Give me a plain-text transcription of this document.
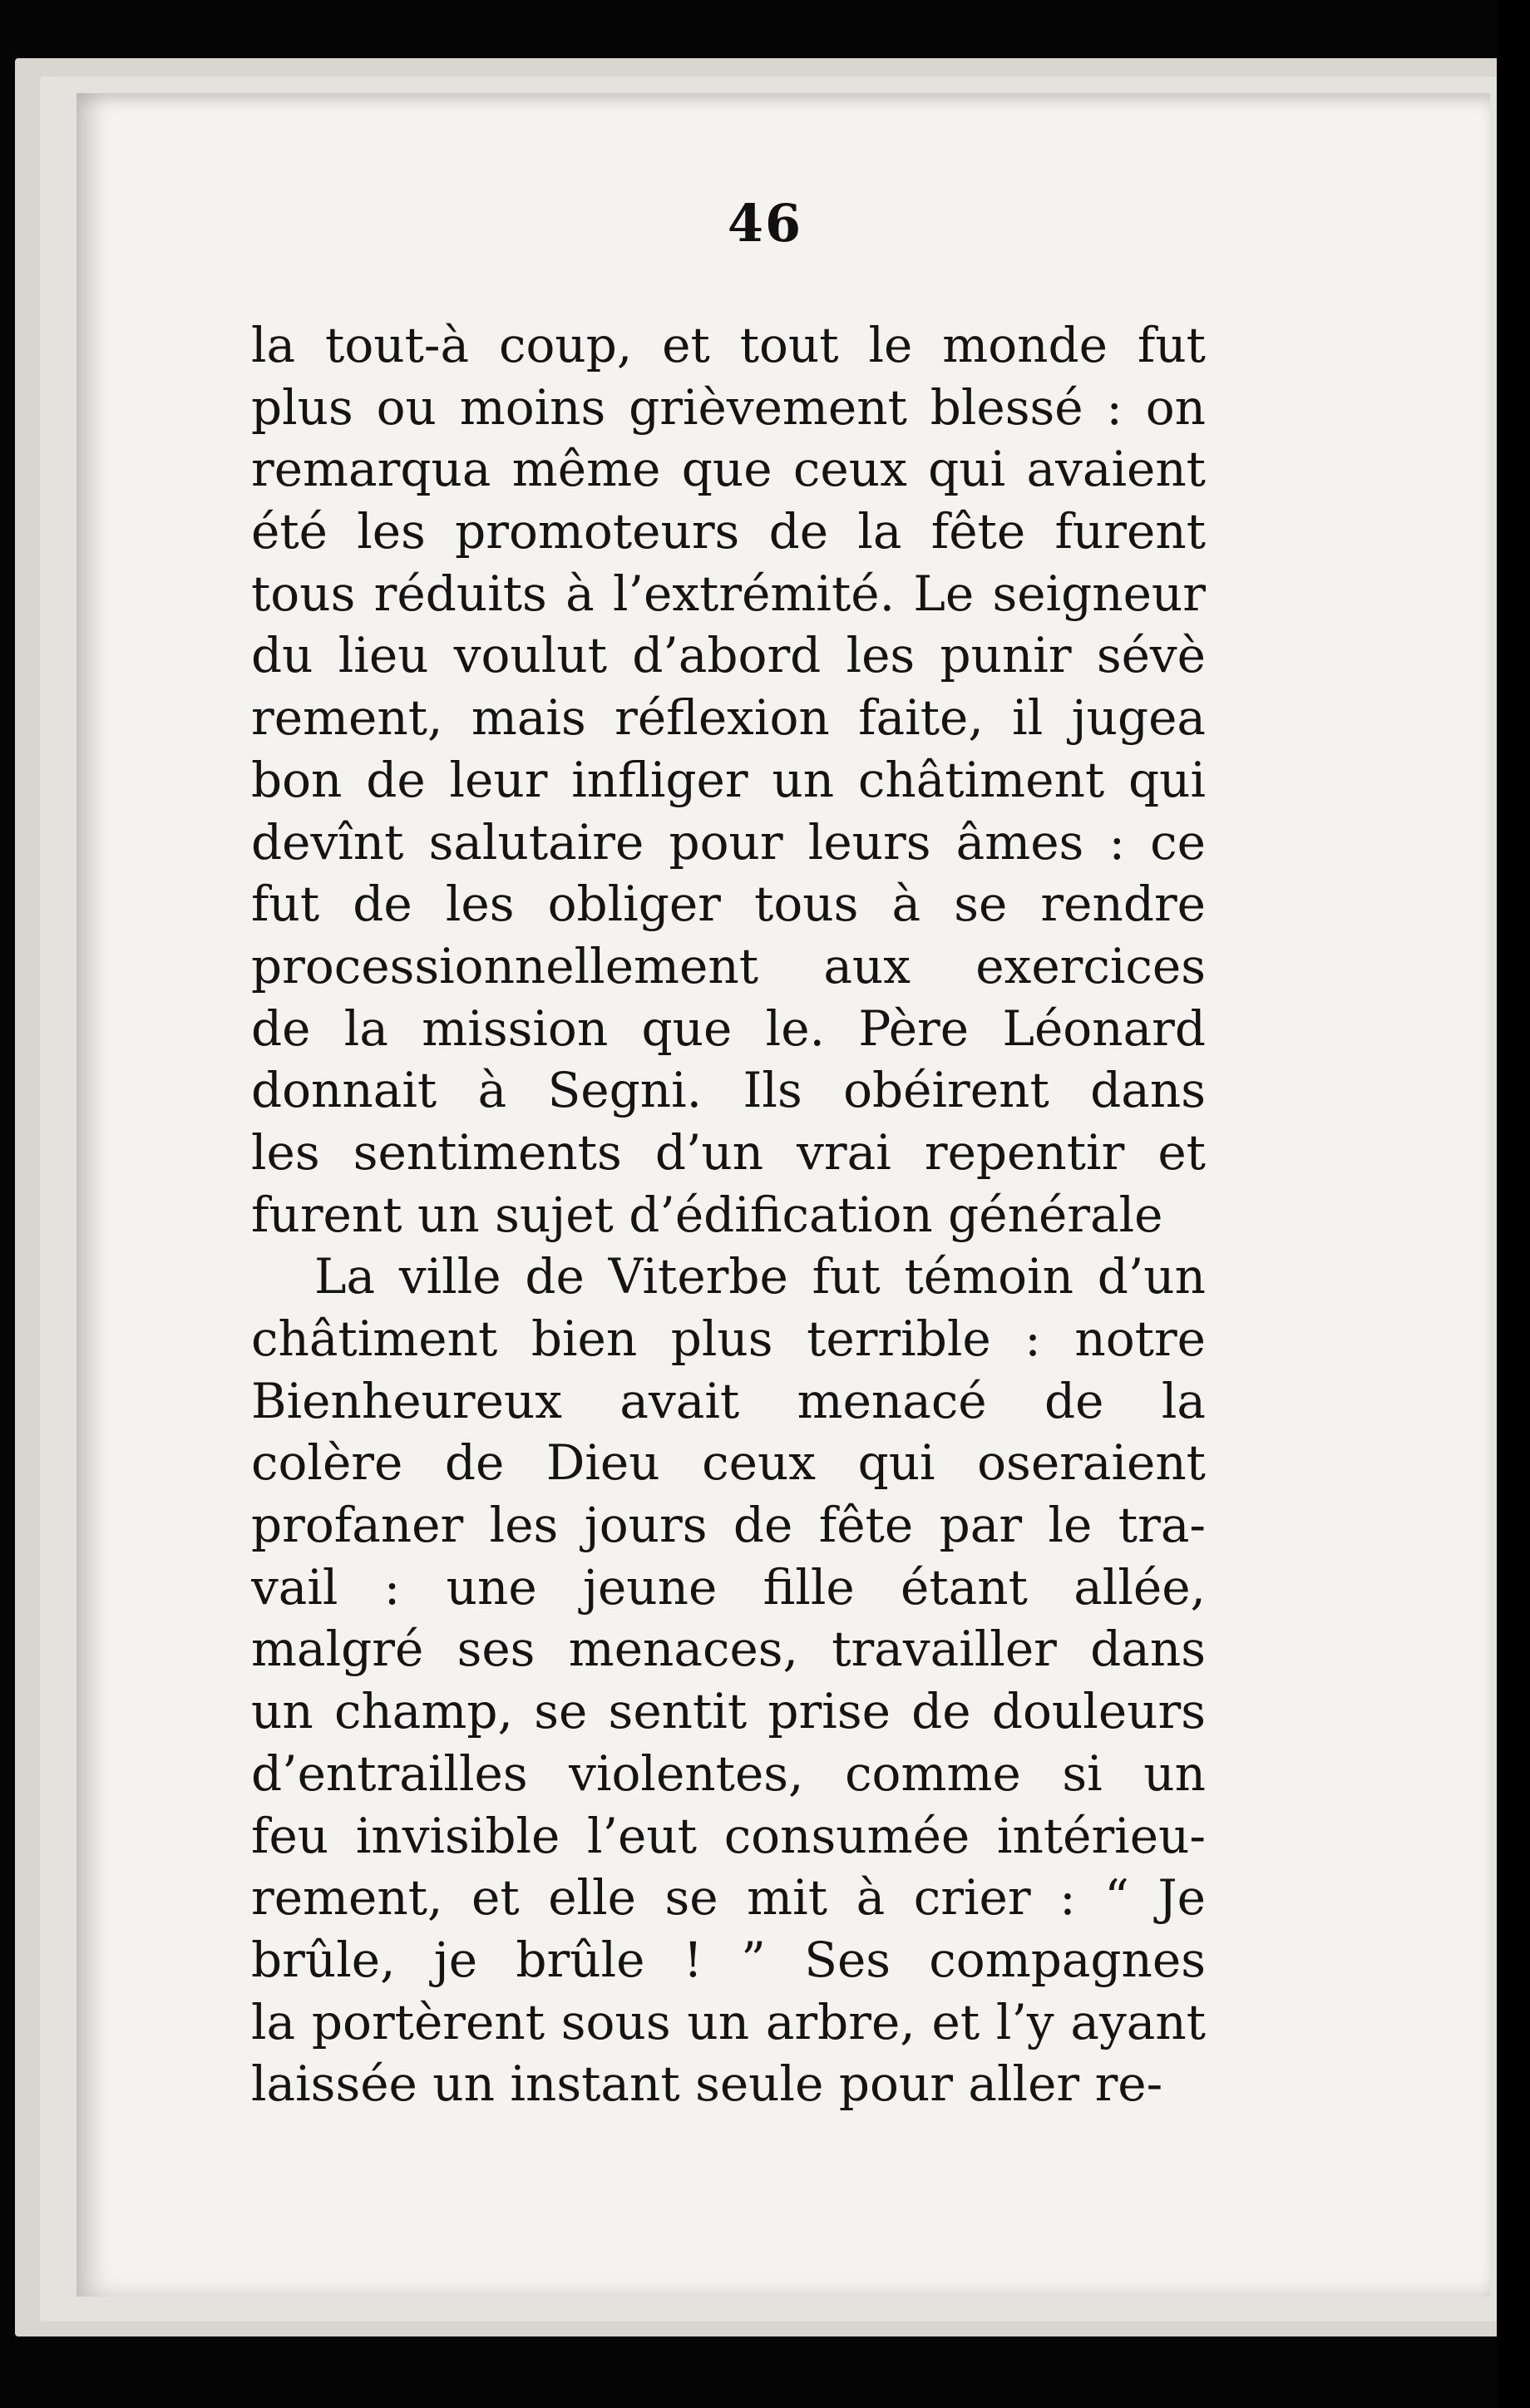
46
la tout-à coup, et tout le monde fut
plus ou moins grièvement blessé : on
remarqua même que ceux qui avaient
été les promoteurs de la fête furent
tous réduits à l’extrémité. Le seigneur
du lieu voulut d’abord les punir sévè
rement, mais réflexion faite, il jugea
bon de leur infliger un châtiment qui
devînt salutaire pour leurs âmes : ce
fut de les obliger tous à se rendre
processionnellement aux exercices
de la mission que le. Père Léonard
donnait à Segni. Ils obéirent dans
les sentiments d’un vrai repentir et
furent un sujet d’édification générale
La ville de Viterbe fut témoin d’un
châtiment bien plus terrible : notre
Bienheureux avait menacé de la
colère de Dieu ceux qui oseraient
profaner les jours de fête par le tra-
vail : une jeune fille étant allée,
malgré ses menaces, travailler dans
un champ, se sentit prise de douleurs
d’entrailles violentes, comme si un
feu invisible l’eut consumée intérieu-
rement, et elle se mit à crier : “ Je
brûle, je brûle ! ” Ses compagnes
la portèrent sous un arbre, et l’y ayant
laissée un instant seule pour aller re-
